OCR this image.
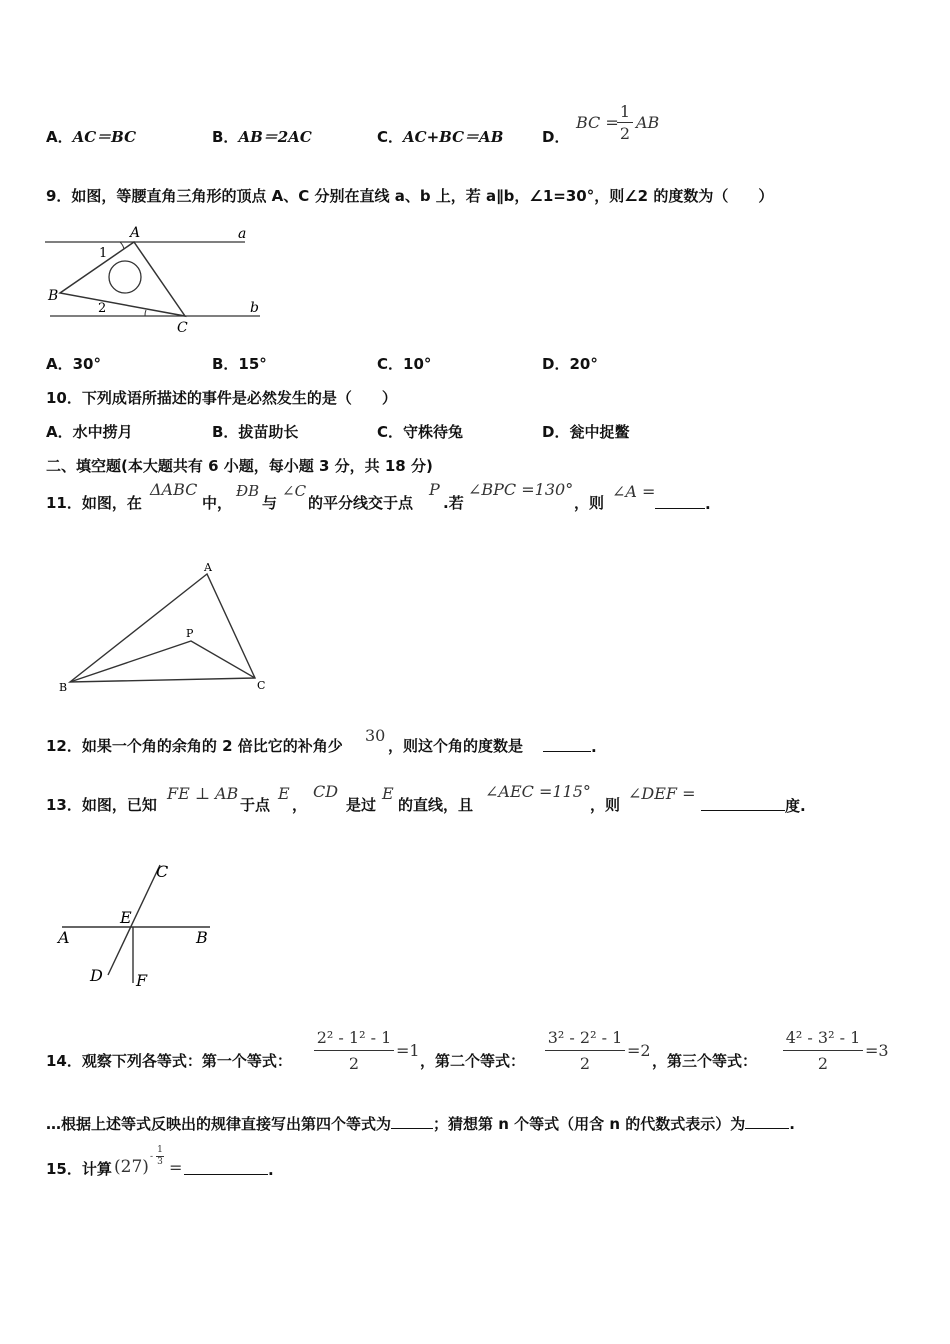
A．AC＝BC	B．AB＝2AC	C．AC+BC＝AB	D．
BC =
$\frac{1}{2}$ AB
9．如图，等腰直角三角形的顶点 A、C 分别在直线 a、b 上，若 a∥b，∠1=30°，则∠2 的度数为（　　）
A	a
1
B
2	b
C
A．30°	B．15°	C．10°	D．20°
10．下列成语所描述的事件是必然发生的是（　　）
A．水中捞月	B．拔苗助长	C．守株待兔	D．瓮中捉鳖
二、填空题(本大题共有 6 小题，每小题 3 分，共 18 分)
11．如图，在
ΔABC
中，
ÐB
与
∠C
的平分线交于点
P
.若
∠BPC =130°
，则
∠A =
.
A
P
B	C
12．如果一个角的余角的 2 倍比它的补角少
30
，则这个角的度数是	.
13．如图，已知
FE ⊥ AB
于点
E
，
CD
是过
E
的直线，且
∠AEC =115°
，则
∠DEF =
度.
C
E
A	B
D F
14．观察下列各等式：第一个等式： $\frac{\text{2² - 1² - 1}}{2} =1$
，第二个等式： $\frac{\text{3² - 2² - 1}}{2} =2$
，第三个等式： $\frac{\text{4² - 3² - 1}}{2} =3$
…根据上述等式反映出的规律直接写出第四个等式为	；猜想第 n 个等式（用含 n 的代数式表示）为	.
15．计算 $(27) - \frac{1}{3}$
=	.
